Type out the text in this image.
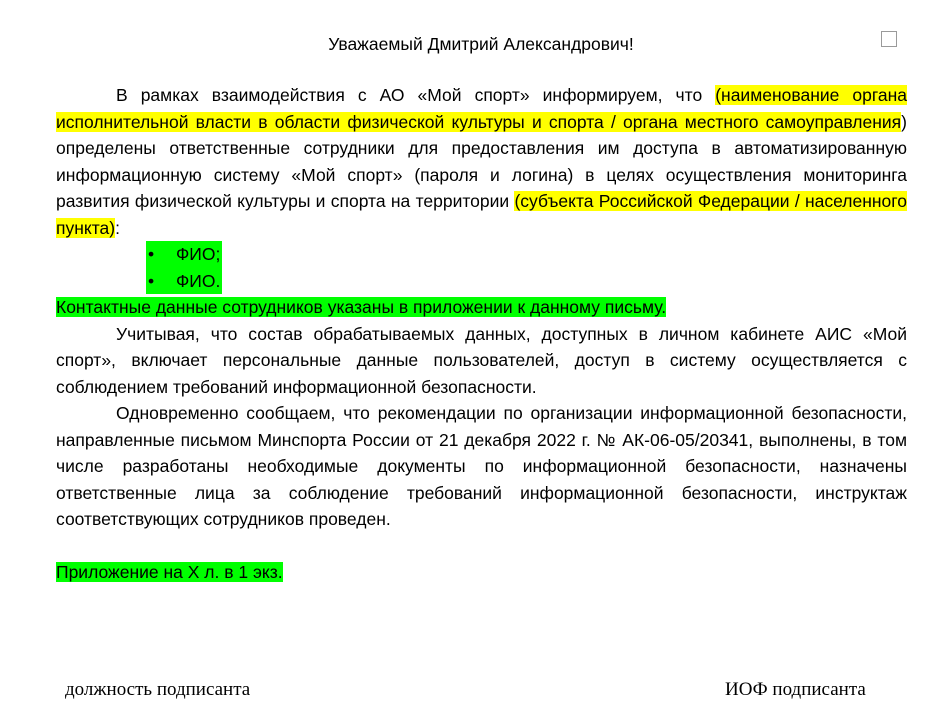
Уважаемый Дмитрий Александрович!

В рамках взаимодействия с АО «Мой спорт» информируем, что (наименование органа исполнительной власти в области физической культуры и спорта / органа местного самоуправления) определены ответственные сотрудники для предоставления им доступа в автоматизированную информационную систему «Мой спорт» (пароля и логина) в целях осуществления мониторинга развития физической культуры и спорта на территории (субъекта Российской Федерации / населенного пункта):

• ФИО;
• ФИО.

Контактные данные сотрудников указаны в приложении к данному письму.

Учитывая, что состав обрабатываемых данных, доступных в личном кабинете АИС «Мой спорт», включает персональные данные пользователей, доступ в систему осуществляется с соблюдением требований информационной безопасности.

Одновременно сообщаем, что рекомендации по организации информационной безопасности, направленные письмом Минспорта России от 21 декабря 2022 г. № АК-06-05/20341, выполнены, в том числе разработаны необходимые документы по информационной безопасности, назначены ответственные лица за соблюдение требований информационной безопасности, инструктаж соответствующих сотрудников проведен.

Приложение на Х л. в 1 экз.

должность подписанта	ИОФ подписанта
